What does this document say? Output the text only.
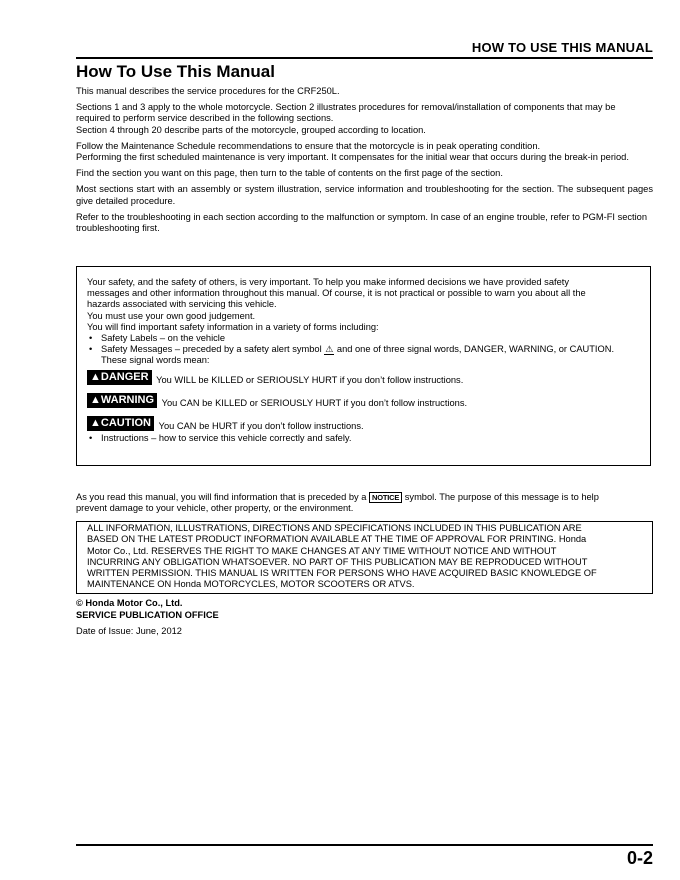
HOW TO USE THIS MANUAL
How To Use This Manual

This manual describes the service procedures for the CRF250L.

Sections 1 and 3 apply to the whole motorcycle. Section 2 illustrates procedures for removal/installation of components that may be
required to perform service described in the following sections.
Section 4 through 20 describe parts of the motorcycle, grouped according to location.

Follow the Maintenance Schedule recommendations to ensure that the motorcycle is in peak operating condition.
Performing the first scheduled maintenance is very important. It compensates for the initial wear that occurs during the break-in period.

Find the section you want on this page, then turn to the table of contents on the first page of the section.

Most sections start with an assembly or system illustration, service information and troubleshooting for the section. The subsequent pages give detailed procedure.

Refer to the troubleshooting in each section according to the malfunction or symptom. In case of an engine trouble, refer to PGM-FI section troubleshooting first.

Your safety, and the safety of others, is very important. To help you make informed decisions we have provided safety
messages and other information throughout this manual. Of course, it is not practical or possible to warn you about all the
hazards associated with servicing this vehicle.
You must use your own good judgement.
You will find important safety information in a variety of forms including:
• Safety Labels – on the vehicle
• Safety Messages – preceded by a safety alert symbol ⚠ and one of three signal words, DANGER, WARNING, or CAUTION.
These signal words mean:
▲DANGER You WILL be KILLED or SERIOUSLY HURT if you don’t follow instructions.
▲WARNING You CAN be KILLED or SERIOUSLY HURT if you don’t follow instructions.
▲CAUTION You CAN be HURT if you don’t follow instructions.
• Instructions – how to service this vehicle correctly and safely.
As you read this manual, you will find information that is preceded by a NOTICE symbol. The purpose of this message is to help
prevent damage to your vehicle, other property, or the environment.
ALL INFORMATION, ILLUSTRATIONS, DIRECTIONS AND SPECIFICATIONS INCLUDED IN THIS PUBLICATION ARE
BASED ON THE LATEST PRODUCT INFORMATION AVAILABLE AT THE TIME OF APPROVAL FOR PRINTING. Honda
Motor Co., Ltd. RESERVES THE RIGHT TO MAKE CHANGES AT ANY TIME WITHOUT NOTICE AND WITHOUT
INCURRING ANY OBLIGATION WHATSOEVER. NO PART OF THIS PUBLICATION MAY BE REPRODUCED WITHOUT
WRITTEN PERMISSION. THIS MANUAL IS WRITTEN FOR PERSONS WHO HAVE ACQUIRED BASIC KNOWLEDGE OF
MAINTENANCE ON Honda MOTORCYCLES, MOTOR SCOOTERS OR ATVS.
© Honda Motor Co., Ltd.
SERVICE PUBLICATION OFFICE
Date of Issue: June, 2012
0-2
